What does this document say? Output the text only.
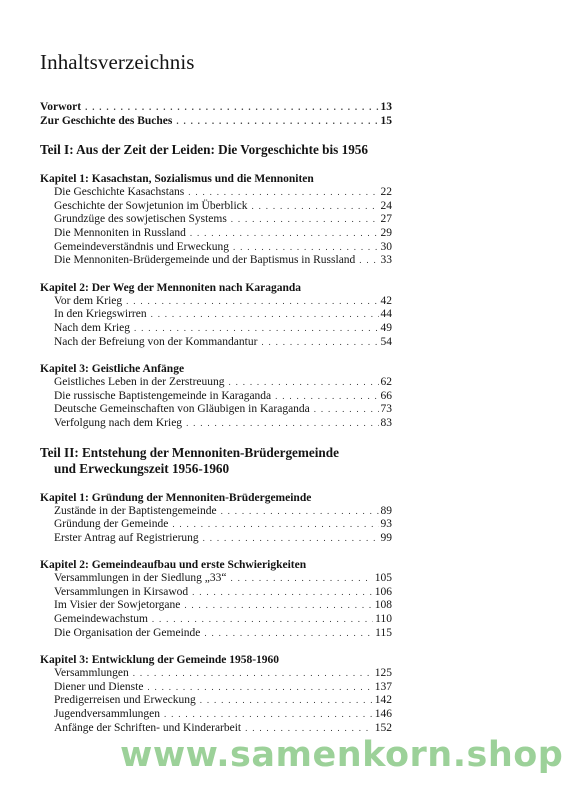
Inhaltsverzeichnis
Vorwort . . .	13
Zur Geschichte des Buches . . .	15
Teil I: Aus der Zeit der Leiden: Die Vorgeschichte bis 1956
Kapitel 1: Kasachstan, Sozialismus und die Mennoniten
Die Geschichte Kasachstans . . .	22
Geschichte der Sowjetunion im Überblick . . .	24
Grundzüge des sowjetischen Systems . . .	27
Die Mennoniten in Russland . . .	29
Gemeindeverständnis und Erweckung . . .	30
Die Mennoniten-Brüdergemeinde und der Baptismus in Russland . . . 33
Kapitel 2: Der Weg der Mennoniten nach Karaganda
Vor dem Krieg . . .	42
In den Kriegswirren . . .	44
Nach dem Krieg . . .	49
Nach der Befreiung von der Kommandantur . . .	54
Kapitel 3: Geistliche Anfänge
Geistliches Leben in der Zerstreuung . . .	62
Die russische Baptistengemeinde in Karaganda . . .	66
Deutsche Gemeinschaften von Gläubigen in Karaganda . . .	73
Verfolgung nach dem Krieg . . .	83
Teil II: Entstehung der Mennoniten-Brüdergemeinde
und Erweckungszeit 1956-1960
Kapitel 1: Gründung der Mennoniten-Brüdergemeinde
Zustände in der Baptistengemeinde . . .	89
Gründung der Gemeinde . . .	93
Erster Antrag auf Registrierung . . .	99
Kapitel 2: Gemeindeaufbau und erste Schwierigkeiten
Versammlungen in der Siedlung „33“ . . .	105
Versammlungen in Kirsawod . . .	106
Im Visier der Sowjetorgane . . .	108
Gemeindewachstum . . .	110
Die Organisation der Gemeinde . . .	115
Kapitel 3: Entwicklung der Gemeinde 1958-1960
Versammlungen . . .	125
Diener und Dienste . . .	137
Predigerreisen und Erweckung . . .	142
Jugendversammlungen . . .	146
Anfänge der Schriften- und Kinderarbeit . . .	152
www.samenkorn.shop
